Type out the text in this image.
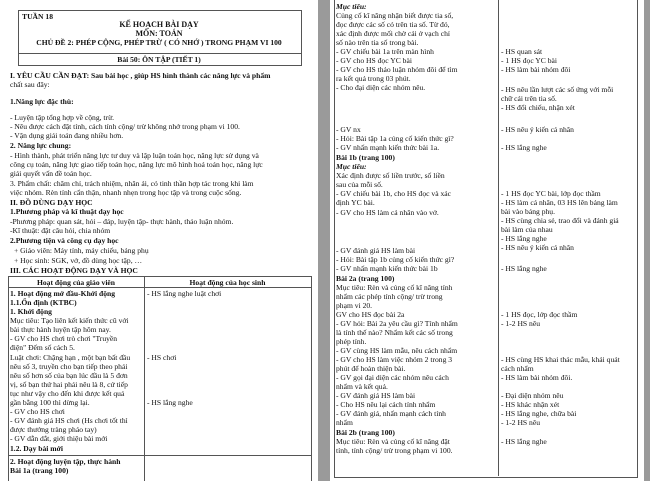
TUẦN 18
KẾ HOẠCH BÀI DẠY
MÔN: TOÁN
CHỦ ĐỀ 2: PHÉP CỘNG, PHÉP TRỪ ( CÓ NHỚ ) TRONG PHẠM VI 100
Bài 50: ÔN TẬP (TIẾT 1)
I. YÊU CẦU CẦN ĐẠT: Sau bài học , giúp HS hình thành các năng lực và phẩm
chất sau đây:
1.Năng lực đặc thù:
- Luyện tập tổng hợp về cộng, trừ.
- Nêu được cách đặt tính, cách tính cộng/ trừ không nhớ trong phạm vi 100.
- Vận dụng giải toán đang nhiều hơn.
2. Năng lực chung:
- Hình thành, phát triển năng lực tư duy và lập luận toán học, năng lực sử dụng và
công cụ toán, năng lực giao tiếp toán học, năng lực mô hình hoá toán học, năng lực
giải quyết vấn đề toán học.
3. Phẩm chất: chăm chỉ, trách nhiệm, nhân ái, có tinh thần hợp tác trong khi làm
việc nhóm. Rèn tính cẩn thận, nhanh nhẹn trong học tập và trong cuộc sống.
II. ĐỒ DÙNG DẠY HỌC
1.Phương pháp và kĩ thuật dạy học
-Phương pháp: quan sát, hỏi – đáp, luyện tập- thực hành, thảo luận nhóm.
-Kĩ thuật: đặt câu hỏi, chia nhóm
2.Phương tiện và công cụ dạy học
+ Giáo viên: Máy tính, máy chiếu, bảng phụ
+ Học sinh: SGK, vở, đồ dùng học tập, …
III. CÁC HOẠT ĐỘNG DẠY VÀ HỌC
Hoạt động của giáo viên	Hoạt động của học sinh
1. Hoạt động mở đầu-Khởi động
1.1.Ổn định (KTBC)
1. Khởi động
Mục tiêu: Tạo liên kết kiến thức cũ với
bài thực hành luyện tập hôm nay.
- GV cho HS chơi trò chơi "Truyền
điện" Đếm số cách 5.
Luật chơi: Chặng hạn , một bạn bất đầu
nêu số 3, truyền cho bạn tiếp theo phải
nêu số hơn số của bạn lúc đầu là 5 đơn
vị, số bạn thứ hai phải nêu là 8, cứ tiếp
tục như vậy cho đến khi được kết quả
gần bằng 100 thì dừng lại.
- GV cho HS chơi
- GV đánh giá HS chơi (Hs chơi tốt thì
được thưởng tràng pháo tay)
- GV dẫn dắt, giới thiệu bài mới
1.2. Dạy bài mới
2. Hoạt động luyện tập, thực hành
Bài 1a (trang 100)
- HS lắng nghe luật chơi
- HS chơi
- HS lắng nghe
Mục tiêu:
Củng cố kĩ năng nhận biết được tia số,
đọc được các số có trên tia số. Từ đó,
xác định được mối chờ cái ở vạch chỉ
số nào trên tia số trong bài.
- GV chiếu bài 1a trên màn hình
- GV cho HS đọc YC bài
- GV cho HS thảo luận nhóm đôi để tìm
ra kết quả trong 03 phút.
- Cho đại diện các nhóm nêu.
- GV nx
- Hỏi: Bài tập 1a củng cố kiến thức gì?
- GV nhấn mạnh kiến thức bài 1a.
Bài 1b (trang 100)
Mục tiêu:
Xác định được số liền trước, số liền
sau của mỗi số.
- GV chiếu bài 1b, cho HS đọc và xác
định YC bài.
- GV cho HS làm cá nhân vào vở.
- GV đánh giá HS làm bài
- Hỏi: Bài tập 1b củng cố kiến thức gì?
- GV nhấn mạnh kiến thức bài 1b
Bài 2a (trang 100)
Mục tiêu: Rèn và củng cố kĩ năng tính
nhẩm các phép tính cộng/ trừ trong
phạm vi 20.
GV cho HS đọc bài 2a
- GV hỏi: Bài 2a yêu cầu gì? Tính nhẩm
là tính thế nào? Nhẩm kết các số trong
phép tính.
- GV cùng HS làm mẫu, nêu cách nhẩm
- GV cho HS làm việc nhóm 2 trong 3
phút để hoàn thiện bài.
- GV gọi đại diện các nhóm nêu cách
nhẩm và kết quả.
- GV đánh giá HS làm bài
- Cho HS nêu lại cách tính nhẩm
- GV đánh giá, nhấn mạnh cách tính
nhẩm
Bài 2b (trang 100)
Mục tiêu: Rèn và củng cố kĩ năng đặt
tính, tính cộng/ trừ trong phạm vi 100.
- HS quan sát
- 1 HS đọc YC bài
- HS làm bài nhóm đôi
- HS nêu lần lượt các số ứng với mỗi
chữ cái trên tia số.
- HS đổi chiếu, nhận xét
- HS nêu ý kiến cá nhân
- HS lắng nghe
- 1 HS đọc YC bài, lớp đọc thầm
- HS làm cá nhân, 03 HS lên bảng làm
bài vào bảng phụ.
- HS cùng chia sẻ, trao đổi và đánh giá
bài làm của nhau
- HS lắng nghe
- HS nêu ý kiến cá nhân
- HS lắng nghe
- 1 HS đọc, lớp đọc thầm
- 1-2 HS nêu
- HS cùng HS khai thác mẫu, khái quát
cách nhẩm
- HS làm bài nhóm đôi.
- Đại diện nhóm nêu
- HS khác nhận xét
- HS lắng nghe, chữa bài
- 1-2 HS nêu
- HS lắng nghe
